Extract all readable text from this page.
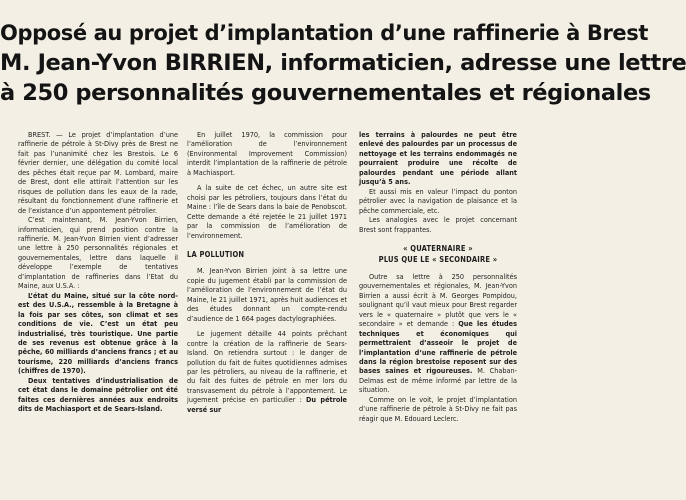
Opposé au projet d’implantation d’une raffinerie à Brest
M. Jean-Yvon BIRRIEN, informaticien, adresse une lettre
à 250 personnalités gouvernementales et régionales

BREST. — Le projet d’implantation d’une raffinerie de pétrole à St-Divy près de Brest ne fait pas l’unanimité chez les Brestois. Le 6 février dernier, une délégation du comité local des pêches était reçue par M. Lombard, maire de Brest, dont elle attirait l’attention sur les risques de pollution dans les eaux de la rade, résultant du fonctionnement d’une raffinerie et de l’existance d’un appontement pétrolier.

C’est maintenant, M. Jean-Yvon Birrien, informaticien, qui prend position contre la raffinerie. M. Jean-Yvon Birrien vient d’adresser une lettre à 250 personnalités régionales et gouvernementales, lettre dans laquelle il développe l’exemple de tentatives d’implantation de raffineries dans l’Etat du Maine, aux U.S.A. :

L’état du Maine, situé sur la côte nord-est des U.S.A., ressemble à la Bretagne à la fois par ses côtes, son climat et ses conditions de vie. C’est un état peu industrialisé, très touristique. Une partie de ses revenus est obtenue grâce à la pêche, 60 milliards d’anciens francs ; et au tourisme, 220 milliards d’anciens francs (chiffres de 1970).

Deux tentatives d’industrialisation de cet état dans le domaine pétrolier ont été faites ces dernières années aux endroits dits de Machiasport et de Sears-Island.

En juillet 1970, la commission pour l’amélioration de l’environnement (Environmental Improvement Commission) interdit l’implantation de la raffinerie de pétrole à Machiasport.

A la suite de cet échec, un autre site est choisi par les pétroliers, toujours dans l’état du Maine : l’île de Sears dans la baie de Penobscot. Cette demande a été rejetée le 21 juillet 1971 par la commission de l’amélioration de l’environnement.

LA POLLUTION

M. Jean-Yvon Birrien joint à sa lettre une copie du jugement établi par la commission de l’amélioration de l’environnement de l’état du Maine, le 21 juillet 1971, après huit audiences et des études donnant un compte-rendu d’audience de 1 664 pages dactylographiées.

Le jugement détaille 44 points prêchant contre la création de la raffinerie de Sears-Island. On retiendra surtout : le danger de pollution du fait de fuites quotidiennes admises par les pétroliers, au niveau de la raffinerie, et du fait des fuites de pétrole en mer lors du transvasement du pétrole à l’appontement. Le jugement précise en particulier : Du pétrole versé sur

les terrains à palourdes ne peut être enlevé des palourdes par un processus de nettoyage et les terrains endommagés ne pourraient produire une récolte de palourdes pendant une période allant jusqu’à 5 ans.

Et aussi mis en valeur l’impact du ponton pétrolier avec la navigation de plaisance et la pêche commerciale, etc.

Les analogies avec le projet concernant Brest sont frappantes.

« QUATERNAIRE »

PLUS QUE LE « SECONDAIRE »

Outre sa lettre à 250 personnalités gouvernementales et régionales, M. Jean-Yvon Birrien a aussi écrit à M. Georges Pompidou, soulignant qu’il vaut mieux pour Brest regarder vers le « quaternaire » plutôt que vers le « secondaire » et demande : Que les études techniques et économiques qui permettraient d’asseoir le projet de l’implantation d’une raffinerie de pétrole dans la région brestoise reposent sur des bases saines et rigoureuses. M. Chaban-Delmas est de même informé par lettre de la situation.

Comme on le voit, le projet d’implantation d’une raffinerie de pétrole à St-Divy ne fait pas réagir que M. Edouard Leclerc.
